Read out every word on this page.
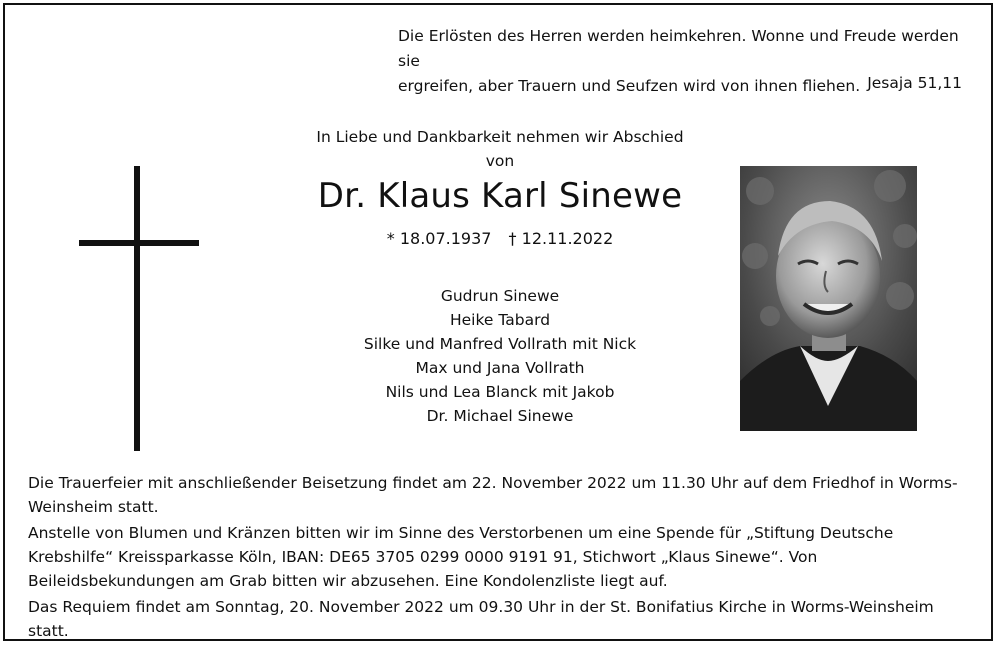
Die Erlösten des Herren werden heimkehren. Wonne und Freude werden sie
ergreifen, aber Trauern und Seufzen wird von ihnen fliehen. Jesaja 51,11
In Liebe und Dankbarkeit nehmen wir Abschied
von
Dr. Klaus Karl Sinewe
* 18.07.1937 † 12.11.2022
Gudrun Sinewe
Heike Tabard
Silke und Manfred Vollrath mit Nick
Max und Jana Vollrath
Nils und Lea Blanck mit Jakob
Dr. Michael Sinewe

Die Trauerfeier mit anschließender Beisetzung findet am 22. November 2022 um 11.30 Uhr auf dem Friedhof in Worms-Weinsheim statt.

Anstelle von Blumen und Kränzen bitten wir im Sinne des Verstorbenen um eine Spende für „Stiftung Deutsche Krebshilfe“ Kreissparkasse Köln, IBAN: DE65 3705 0299 0000 9191 91, Stichwort „Klaus Sinewe“. Von Beileidsbekundungen am Grab bitten wir abzusehen. Eine Kondolenzliste liegt auf.

Das Requiem findet am Sonntag, 20. November 2022 um 09.30 Uhr in der St. Bonifatius Kirche in Worms-Weinsheim statt.
